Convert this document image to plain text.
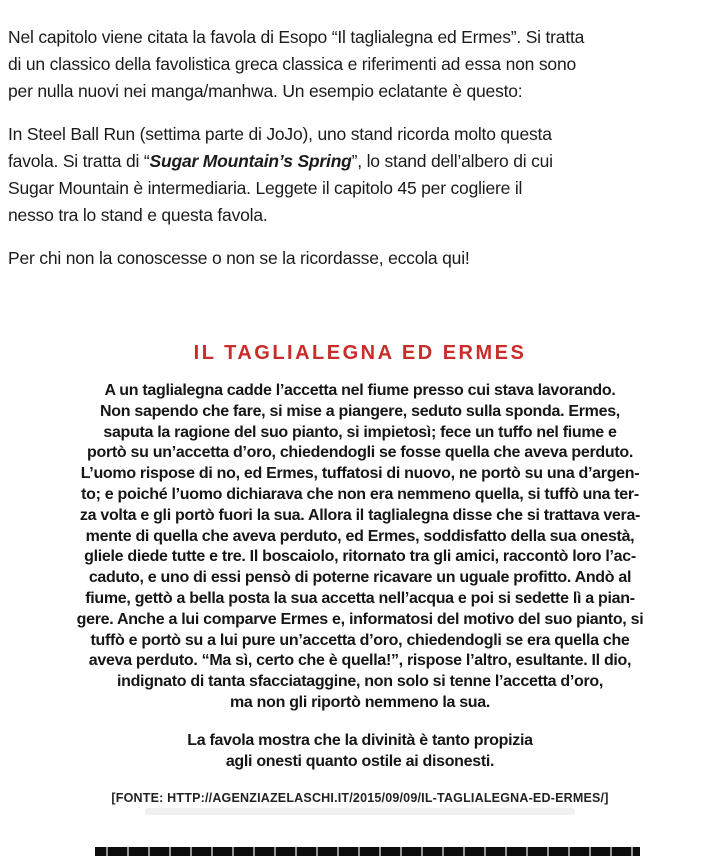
Nel capitolo viene citata la favola di Esopo “Il taglialegna ed Ermes”. Si tratta
di un classico della favolistica greca classica e riferimenti ad essa non sono
per nulla nuovi nei manga/manhwa. Un esempio eclatante è questo:
In Steel Ball Run (settima parte di JoJo), uno stand ricorda molto questa
favola. Si tratta di “Sugar Mountain’s Spring”, lo stand dell’albero di cui
Sugar Mountain è intermediaria. Leggete il capitolo 45 per cogliere il
nesso tra lo stand e questa favola.
Per chi non la conoscesse o non se la ricordasse, eccola qui!
IL TAGLIALEGNA ED ERMES
A un taglialegna cadde l’accetta nel fiume presso cui stava lavorando.
Non sapendo che fare, si mise a piangere, seduto sulla sponda. Ermes,
saputa la ragione del suo pianto, si impietosì; fece un tuffo nel fiume e
portò su un’accetta d’oro, chiedendogli se fosse quella che aveva perduto.
L’uomo rispose di no, ed Ermes, tuffatosi di nuovo, ne portò su una d’argen-
to; e poiché l’uomo dichiarava che non era nemmeno quella, si tuffò una ter-
za volta e gli portò fuori la sua. Allora il taglialegna disse che si trattava vera-
mente di quella che aveva perduto, ed Ermes, soddisfatto della sua onestà,
gliele diede tutte e tre. Il boscaiolo, ritornato tra gli amici, raccontò loro l’ac-
caduto, e uno di essi pensò di poterne ricavare un uguale profitto. Andò al
fiume, gettò a bella posta la sua accetta nell’acqua e poi si sedette lì a pian-
gere. Anche a lui comparve Ermes e, informatosi del motivo del suo pianto, si
tuffò e portò su a lui pure un’accetta d’oro, chiedendogli se era quella che
aveva perduto. “Ma sì, certo che è quella!”, rispose l’altro, esultante. Il dio,
indignato di tanta sfacciataggine, non solo si tenne l’accetta d’oro,
ma non gli riportò nemmeno la sua.
La favola mostra che la divinità è tanto propizia
agli onesti quanto ostile ai disonesti.
[FONTE: HTTP://AGENZIAZELASCHI.IT/2015/09/09/IL-TAGLIALEGNA-ED-ERMES/]
